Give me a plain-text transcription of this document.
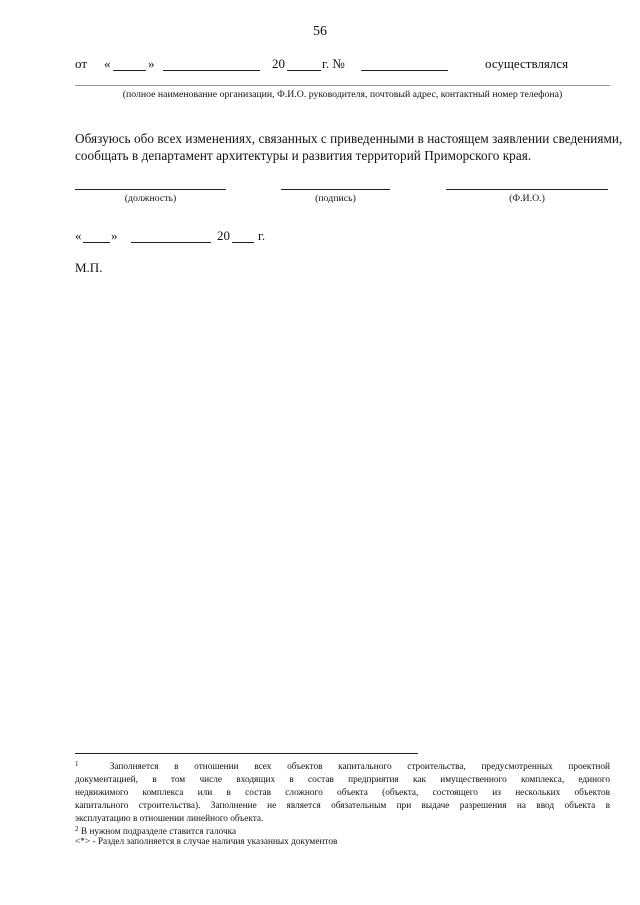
56
от «	»	20	г. №	осуществлялся
(полное наименование организации, Ф.И.О. руководителя, почтовый адрес, контактный номер телефона)
Обязуюсь обо всех изменениях, связанных с приведенными в настоящем заявлении сведениями,
сообщать в департамент архитектуры и развития территорий Приморского края.
(должность)	(подпись)	(Ф.И.О.)
« »	20 г.
М.П.
$^1$	Заполняется в отношении всех объектов капитального строительства, предусмотренных проектной
документацией, в том числе входящих в состав предприятия как имущественного комплекса, единого
недвижимого комплекса или в состав сложного объекта (объекта, состоящего из нескольких объектов
капитального строительства). Заполнение не является обязательным при выдаче разрешения на ввод объекта в
эксплуатацию в отношении линейного объекта.
$^2$ В нужном подразделе ставится галочка
<*> - Раздел заполняется в случае наличия указанных документов
